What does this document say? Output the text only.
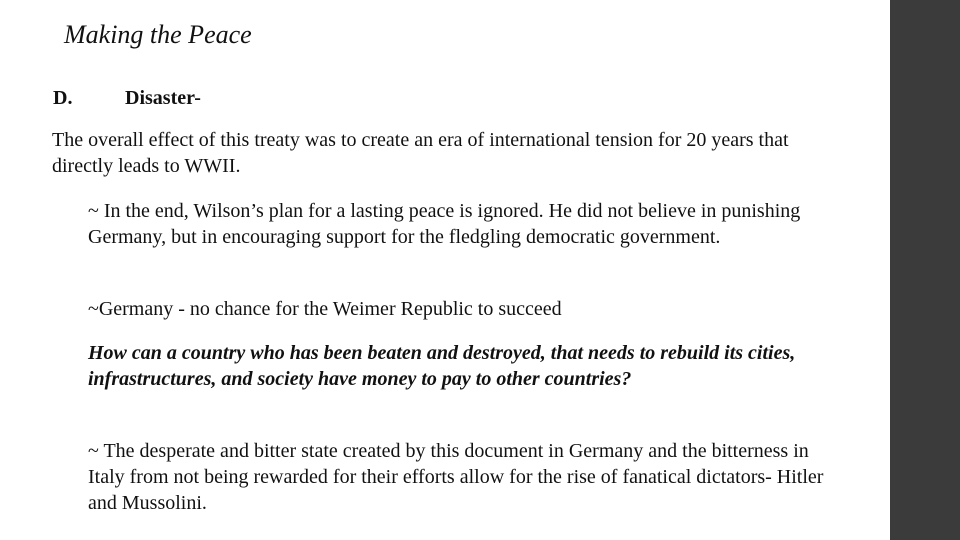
Making the Peace
D.	Disaster-

The overall effect of this treaty was to create an era of international tension for 20 years that directly leads to WWII.

~ In the end, Wilson’s plan for a lasting peace is ignored. He did not believe in punishing Germany, but in encouraging support for the fledgling democratic government.

~Germany - no chance for the Weimer Republic to succeed

How can a country who has been beaten and destroyed, that needs to rebuild its cities, infrastructures, and society have money to pay to other countries?

~ The desperate and bitter state created by this document in Germany and the bitterness in Italy from not being rewarded for their efforts allow for the rise of fanatical dictators- Hitler and Mussolini.
